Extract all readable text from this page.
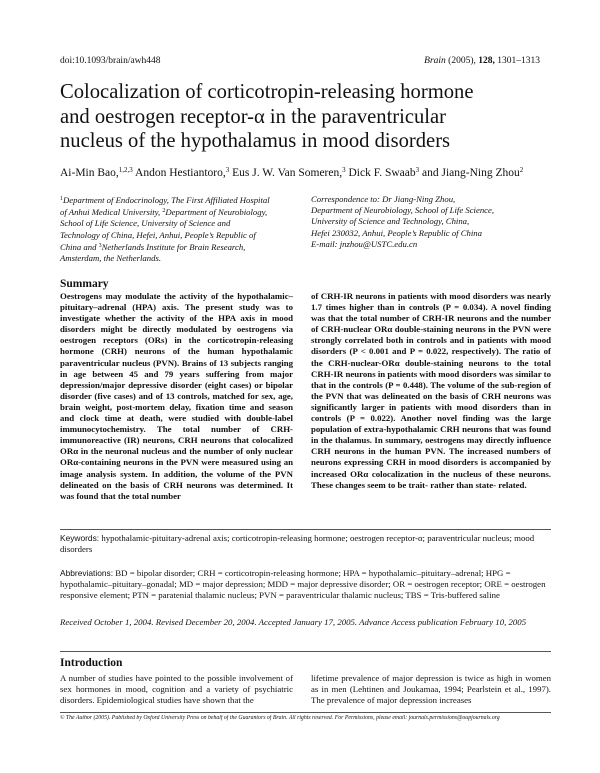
doi:10.1093/brain/awh448	Brain (2005), 128, 1301–1313
Colocalization of corticotropin-releasing hormone
and oestrogen receptor-α in the paraventricular
nucleus of the hypothalamus in mood disorders
Ai-Min Bao,$^{1,2,3}$ Andon Hestiantoro,$^3$ Eus J. W. Van Someren,$^3$ Dick F. Swaab$^3$ and Jiang-Ning Zhou$^2$
$^1$Department of Endocrinology, The First Affiliated Hospital
of Anhui Medical University, $^2$Department of Neurobiology,
School of Life Science, University of Science and
Technology of China, Hefei, Anhui, People’s Republic of
China and $^3$Netherlands Institute for Brain Research,
Amsterdam, the Netherlands.
Correspondence to: Dr Jiang-Ning Zhou,
Department of Neurobiology, School of Life Science,
University of Science and Technology, China,
Hefei 230032, Anhui, People’s Republic of China
E-mail: jnzhou@USTC.edu.cn
Summary
Oestrogens may modulate the activity of the hypothalamic–pituitary–adrenal (HPA) axis. The present study was to investigate whether the activity of the HPA axis in mood disorders might be directly modulated by oestrogens via oestrogen receptors (ORs) in the corticotropin-releasing hormone (CRH) neurons of the human hypothalamic paraventricular nucleus (PVN). Brains of 13 subjects ranging in age between 45 and 79 years suffering from major depression/major depressive disorder (eight cases) or bipolar disorder (five cases) and of 13 controls, matched for sex, age, brain weight, post-mortem delay, fixation time and season and clock time at death, were studied with double-label immunocytochemistry. The total number of CRH-immunoreactive (IR) neurons, CRH neurons that colocalized ORα in the neuronal nucleus and the number of only nuclear ORα-containing neurons in the PVN were measured using an image analysis system. In addition, the volume of the PVN delineated on the basis of CRH neurons was determined. It was found that the total number
of CRH-IR neurons in patients with mood disorders was nearly 1.7 times higher than in controls (P = 0.034). A novel finding was that the total number of CRH-IR neurons and the number of CRH-nuclear ORα double-staining neurons in the PVN were strongly correlated both in controls and in patients with mood disorders (P < 0.001 and P = 0.022, respectively). The ratio of the CRH-nuclear-ORα double-staining neurons to the total CRH-IR neurons in patients with mood disorders was similar to that in the controls (P = 0.448). The volume of the sub-region of the PVN that was delineated on the basis of CRH neurons was significantly larger in patients with mood disorders than in controls (P = 0.022). Another novel finding was the large population of extra-hypothalamic CRH neurons that was found in the thalamus. In summary, oestrogens may directly influence CRH neurons in the human PVN. The increased numbers of neurons expressing CRH in mood disorders is accompanied by increased ORα colocalization in the nucleus of these neurons. These changes seem to be trait- rather than state- related.
Keywords: hypothalamic-pituitary-adrenal axis; corticotropin-releasing hormone; oestrogen receptor-α; paraventricular nucleus; mood disorders
Abbreviations: BD = bipolar disorder; CRH = corticotropin-releasing hormone; HPA = hypothalamic–pituitary–adrenal; HPG = hypothalamic–pituitary–gonadal; MD = major depression; MDD = major depressive disorder; OR = oestrogen receptor; ORE = oestrogen responsive element; PTN = paratenial thalamic nucleus; PVN = paraventricular thalamic nucleus; TBS = Tris-buffered saline
Received October 1, 2004. Revised December 20, 2004. Accepted January 17, 2005. Advance Access publication February 10, 2005
Introduction
A number of studies have pointed to the possible involvement of sex hormones in mood, cognition and a variety of psychiatric disorders. Epidemiological studies have shown that the
lifetime prevalence of major depression is twice as high in women as in men (Lehtinen and Joukamaa, 1994; Pearlstein et al., 1997). The prevalence of major depression increases
© The Author (2005). Published by Oxford University Press on behalf of the Guarantors of Brain. All rights reserved. For Permissions, please email: journals.permissions@oupjournals.org
